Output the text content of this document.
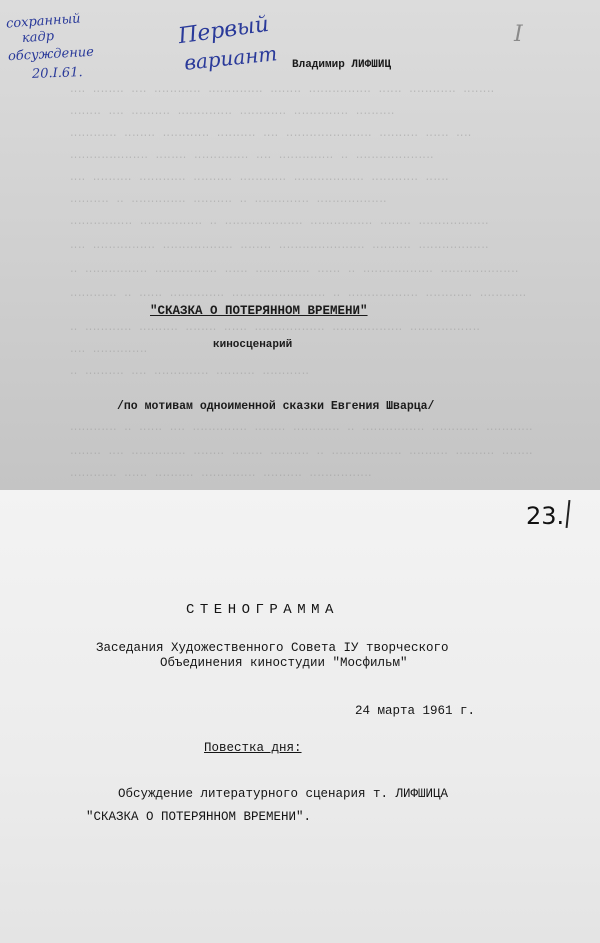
‥‥ ‥‥‥‥ ‥‥ ‥‥‥‥‥‥ ‥‥‥‥‥‥‥ ‥‥‥‥ ‥‥‥‥‥‥‥‥ ‥‥‥ ‥‥‥‥‥‥ ‥‥‥‥
‥‥‥‥ ‥‥ ‥‥‥‥‥ ‥‥‥‥‥‥‥ ‥‥‥‥‥‥ ‥‥‥‥‥‥‥ ‥‥‥‥‥
‥‥‥‥‥‥ ‥‥‥‥ ‥‥‥‥‥‥ ‥‥‥‥‥ ‥‥ ‥‥‥‥‥‥‥‥‥‥‥ ‥‥‥‥‥ ‥‥‥ ‥‥
‥‥‥‥‥‥‥‥‥‥ ‥‥‥‥ ‥‥‥‥‥‥‥ ‥‥ ‥‥‥‥‥‥‥ ‥ ‥‥‥‥‥‥‥‥‥‥
‥‥ ‥‥‥‥‥ ‥‥‥‥‥‥ ‥‥‥‥‥ ‥‥‥‥‥‥ ‥‥‥‥‥‥‥‥‥ ‥‥‥‥‥‥ ‥‥‥
‥‥‥‥‥ ‥ ‥‥‥‥‥‥‥ ‥‥‥‥‥ ‥ ‥‥‥‥‥‥‥ ‥‥‥‥‥‥‥‥‥
‥‥‥‥‥‥‥‥ ‥‥‥‥‥‥‥‥ ‥ ‥‥‥‥‥‥‥‥‥‥ ‥‥‥‥‥‥‥‥ ‥‥‥‥ ‥‥‥‥‥‥‥‥‥
‥‥ ‥‥‥‥‥‥‥‥ ‥‥‥‥‥‥‥‥‥ ‥‥‥‥ ‥‥‥‥‥‥‥‥‥‥‥ ‥‥‥‥‥ ‥‥‥‥‥‥‥‥‥
‥ ‥‥‥‥‥‥‥‥ ‥‥‥‥‥‥‥‥ ‥‥‥ ‥‥‥‥‥‥‥ ‥‥‥ ‥ ‥‥‥‥‥‥‥‥‥ ‥‥‥‥‥‥‥‥‥‥
‥‥‥‥‥‥ ‥ ‥‥‥ ‥‥‥‥‥‥‥ ‥‥‥‥‥‥‥‥‥‥‥‥ ‥ ‥‥‥‥‥‥‥‥‥ ‥‥‥‥‥‥ ‥‥‥‥‥‥
‥ ‥‥‥‥‥‥ ‥‥‥‥‥ ‥‥‥‥ ‥‥‥ ‥‥‥‥‥‥‥‥‥ ‥‥‥‥‥‥‥‥‥ ‥‥‥‥‥‥‥‥‥
‥‥ ‥‥‥‥‥‥‥
‥ ‥‥‥‥‥ ‥‥ ‥‥‥‥‥‥‥ ‥‥‥‥‥ ‥‥‥‥‥‥
‥‥‥‥‥‥ ‥ ‥‥‥ ‥‥ ‥‥‥‥‥‥‥ ‥‥‥‥ ‥‥‥‥‥‥ ‥ ‥‥‥‥‥‥‥‥ ‥‥‥‥‥‥ ‥‥‥‥‥‥
‥‥‥‥ ‥‥ ‥‥‥‥‥‥‥ ‥‥‥‥ ‥‥‥‥ ‥‥‥‥‥ ‥ ‥‥‥‥‥‥‥‥‥ ‥‥‥‥‥ ‥‥‥‥‥ ‥‥‥‥
‥‥‥‥‥‥ ‥‥‥ ‥‥‥‥‥ ‥‥‥‥‥‥‥ ‥‥‥‥‥ ‥‥‥‥‥‥‥‥
сохранный
кадр
обсуждение
20.I.61.
Первый
вариант
I
Владимир ЛИФШИЦ
"СКАЗКА О ПОТЕРЯННОМ ВРЕМЕНИ"
киносценарий
/по мотивам одноименной сказки Евгения Шварца/
23.
СТЕНОГРАММА
Заседания Художественного Совета IУ творческого
Объединения киностудии "Мосфильм"
24 марта 1961 г.
Повестка дня:
Обсуждение литературного сценария т. ЛИФШИЦА
"СКАЗКА О ПОТЕРЯННОМ ВРЕМЕНИ".
